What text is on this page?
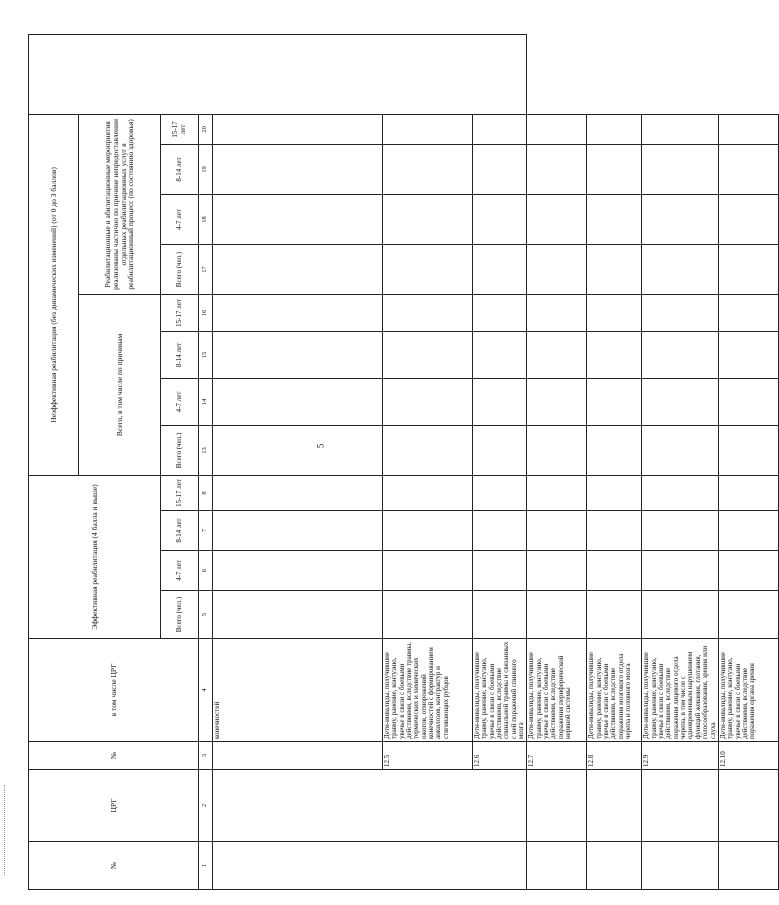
5
№	ЦРГ	№	в том числе ЦРГ	Эффективная реабилитация (4 балла и выше)				Неэффективная реабилитация (без динамических изменений) (от 0 до 3 баллов)								
								Всего, в том числе по причинам				Реабилитационные и абилитационные мероприятия реализованы частично по причине непредоставлении отдельных реабилитационных услуг в реабилитационный процесс (по состоянию здоровья)				
				Всего (чел.)	4-7 лет	8-14 лет	15-17 лет	Всего (чел.)	4-7 лет	8-14 лет	15-17 лет	Всего (чел.)	4-7 лет	8-14 лет	15-17 лет	
1	2	3	4	5	6	7	8	13	14	15	16	17	18	19	20	
			конечностей													
		12.5	Дети-инвалиды, получившие травму, ранение, контузию, увечье в связи с боевыми действиями, вследствие травмы, термических и химических ожогов, отморожений конечностей с формированием анкилозов, контрактур и стягивающих рубцов													
		12.6	Дети-инвалиды, получившие травму, ранение, контузию, увечье в связи с боевыми действиями, вследствие спинальной травмы и связанных с ней поражений спинного мозга													
		12.7	Дети-инвалиды, получившие травму, ранение, контузию, увечье в связи с боевыми действиями, вследствие поражения периферической нервной системы													
		12.8	Дети-инвалиды, получившие травму, ранение, контузию, увечье в связи с боевыми действиями, вследствие поражения мозгового отдела черепа и головного мозга													
		12.9	Дети-инвалиды, получившие травму, ранение, контузию, увечье в связи с боевыми действиями, вследствие поражения лицевого отдела черепа, в том числе с одновременным нарушением функций жевания, глотания, голосообразования, зрения или слуха													
		12.10	Дети-инвалиды, получившие травму, ранение, контузию, увечье в связи с боевыми действиями, вследствие поражения органа зрения													
